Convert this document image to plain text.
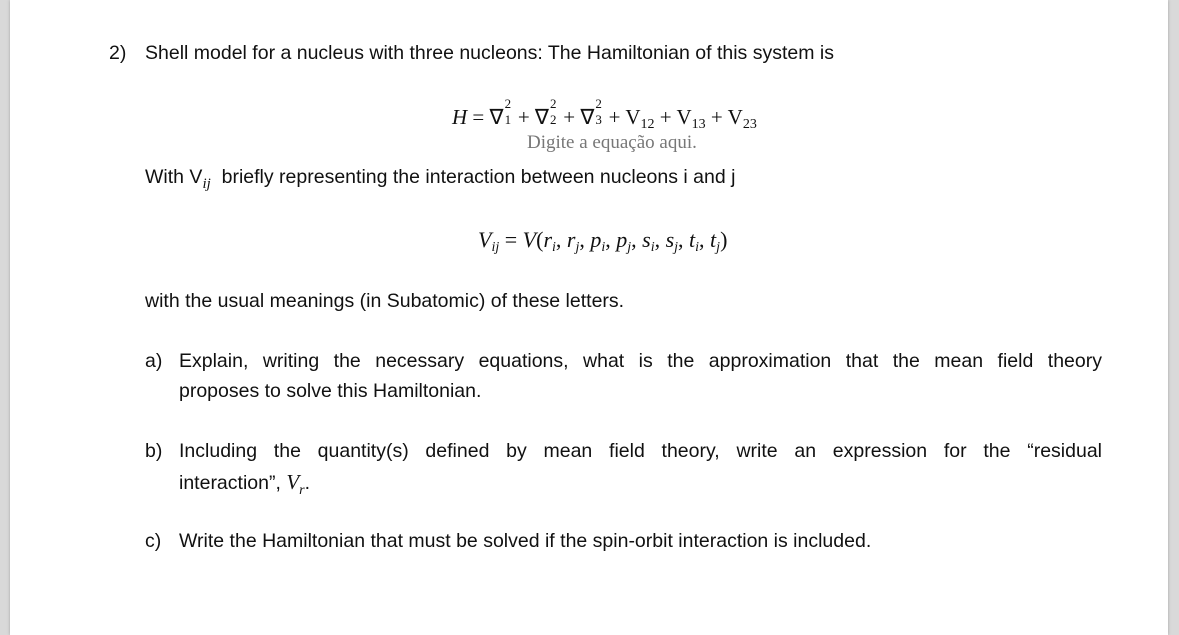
2) Shell model for a nucleus with three nucleons: The Hamiltonian of this system is
H = ∇
2
1 + ∇
2
2 + ∇
2
$3 + V_{12} + V_{13} + V_{23}$
Digite a equação aqui.
With $V_{ij}$ briefly representing the interaction between nucleons i and j
$V_{ij} = V(r_i$, $r_j$, $p_i$, $p_j$, $s_i$, $s_j$, $t_i$, $t_j$)
with the usual meanings (in Subatomic) of these letters.
a) Explain, writing the necessary equations, what is the approximation that the mean field theory
proposes to solve this Hamiltonian.
b) Including the quantity(s) defined by mean field theory, write an expression for the “residual
interaction”, $V_r$.
c) Write the Hamiltonian that must be solved if the spin-orbit interaction is included.
